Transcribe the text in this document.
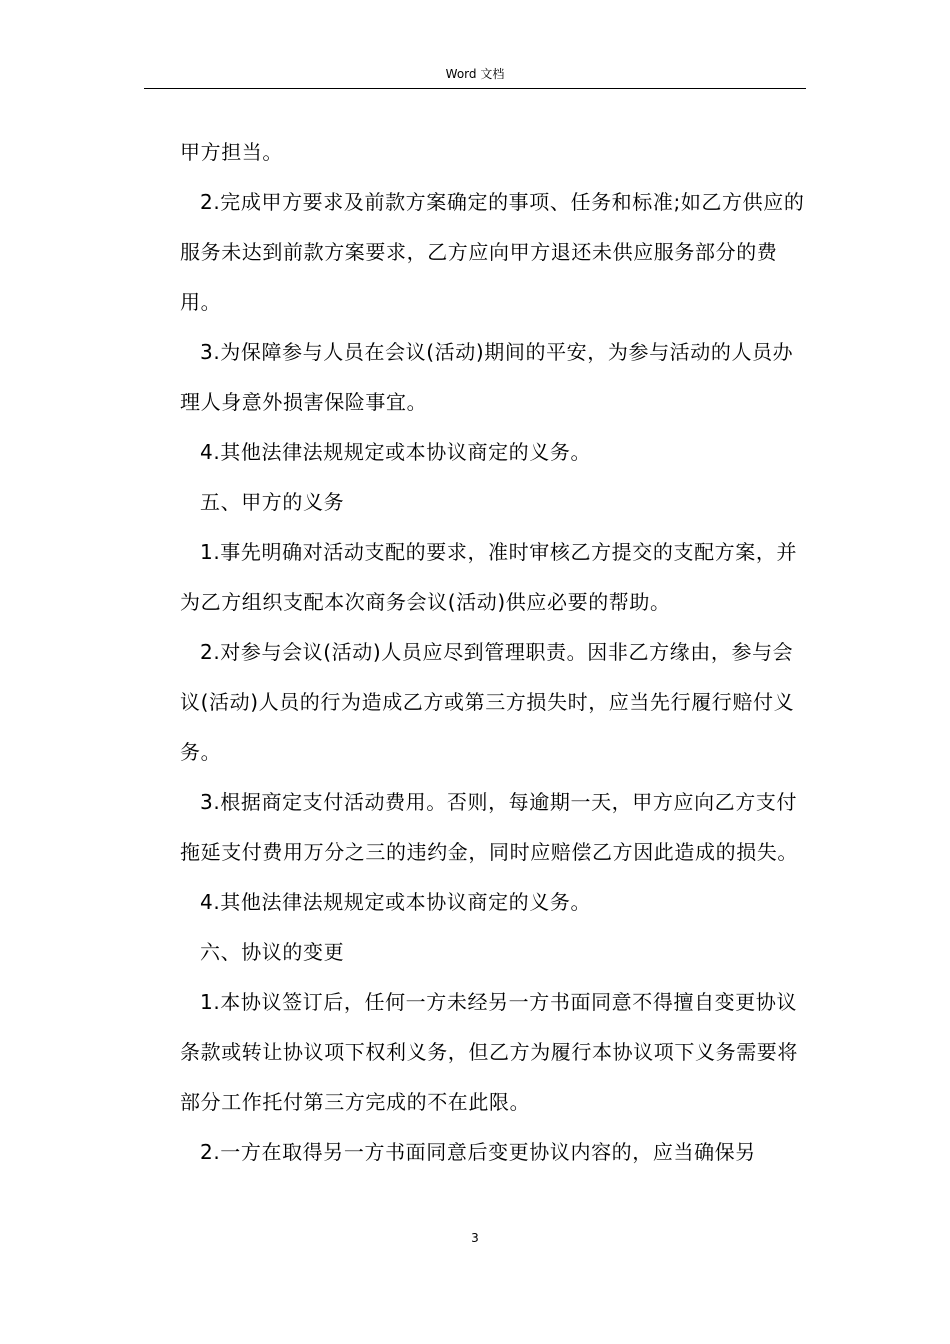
Word 文档

甲方担当。

2.完成甲方要求及前款方案确定的事项、任务和标准;如乙方供应的服务未达到前款方案要求，乙方应向甲方退还未供应服务部分的费用。

3.为保障参与人员在会议(活动)期间的平安，为参与活动的人员办理人身意外损害保险事宜。

4.其他法律法规规定或本协议商定的义务。

五、甲方的义务

1.事先明确对活动支配的要求，准时审核乙方提交的支配方案，并为乙方组织支配本次商务会议(活动)供应必要的帮助。

2.对参与会议(活动)人员应尽到管理职责。因非乙方缘由，参与会议(活动)人员的行为造成乙方或第三方损失时，应当先行履行赔付义务。

3.根据商定支付活动费用。否则，每逾期一天，甲方应向乙方支付拖延支付费用万分之三的违约金，同时应赔偿乙方因此造成的损失。

4.其他法律法规规定或本协议商定的义务。

六、协议的变更

1.本协议签订后，任何一方未经另一方书面同意不得擅自变更协议条款或转让协议项下权利义务，但乙方为履行本协议项下义务需要将部分工作托付第三方完成的不在此限。

2.一方在取得另一方书面同意后变更协议内容的，应当确保另

3
